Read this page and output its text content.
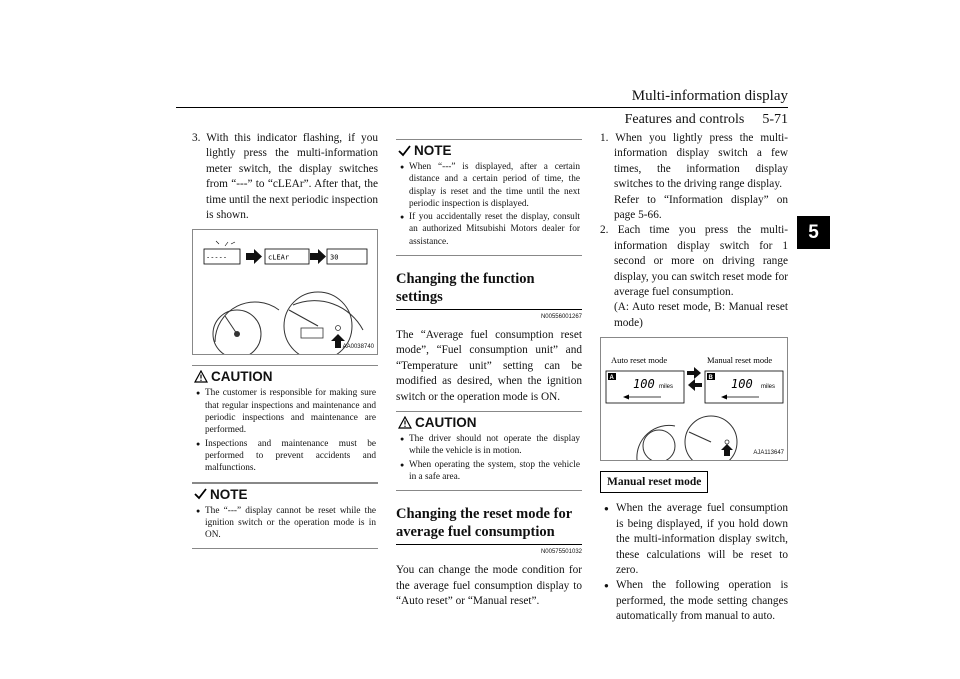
Multi-information display
Features and controls 5-71
5

3. With this indicator flashing, if you lightly press the multi-information meter switch, the display switches from “---” to “cLEAr”. After that, the time until the next periodic inspection is shown.

-----	cLEAr	30
AA0038740
CAUTION

● The customer is responsible for making sure that regular inspections and maintenance and periodic inspections and maintenance are performed.

● Inspections and maintenance must be performed to prevent accidents and malfunctions.

NOTE

● The “---” display cannot be reset while the ignition switch or the operation mode is in ON.

NOTE

● When “---” is displayed, after a certain distance and a certain period of time, the display is reset and the time until the next periodic inspection is displayed.

● If you accidentally reset the display, consult an authorized Mitsubishi Motors dealer for assistance.

Changing the function settings
N00556001267

The “Average fuel consumption reset mode”, “Fuel consumption unit” and “Temperature unit” setting can be modified as desired, when the ignition switch or the operation mode is ON.

CAUTION

● The driver should not operate the display while the vehicle is in motion.

● When operating the system, stop the vehicle in a safe area.

Changing the reset mode for average fuel consumption
N00575501032

You can change the mode condition for the average fuel consumption display to “Auto reset” or “Manual reset”.

1. When you lightly press the multi-information display switch a few times, the information display switches to the driving range display.

Refer to “Information display” on page 5-66.

2. Each time you press the multi-information display switch for 1 second or more on driving range display, you can switch reset mode for average fuel consumption.

(A: Auto reset mode, B: Manual reset mode)

Auto reset mode	Manual reset mode
A	B
100 miles	100 miles
AJA113647
Manual reset mode

● When the average fuel consumption is being displayed, if you hold down the multi-information display switch, these calculations will be reset to zero.

● When the following operation is performed, the mode setting changes automatically from manual to auto.
